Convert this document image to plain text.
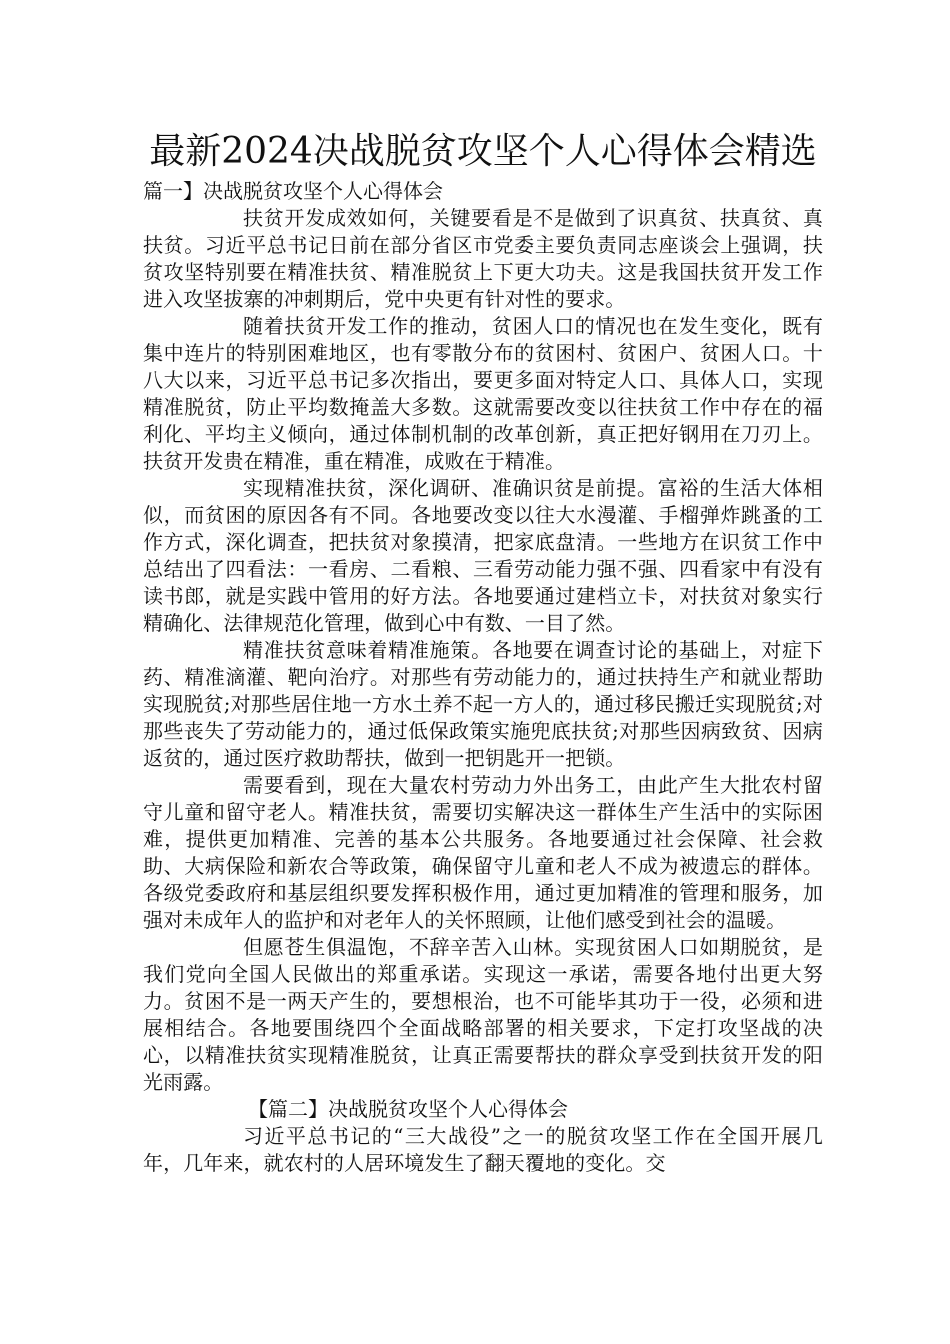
最新2024决战脱贫攻坚个人心得体会精选
篇一】决战脱贫攻坚个人心得体会

扶贫开发成效如何，关键要看是不是做到了识真贫、扶真贫、真扶贫。习近平总书记日前在部分省区市党委主要负责同志座谈会上强调，扶贫攻坚特别要在精准扶贫、精准脱贫上下更大功夫。这是我国扶贫开发工作进入攻坚拔寨的冲刺期后，党中央更有针对性的要求。

随着扶贫开发工作的推动，贫困人口的情况也在发生变化，既有集中连片的特别困难地区，也有零散分布的贫困村、贫困户、贫困人口。十八大以来，习近平总书记多次指出，要更多面对特定人口、具体人口，实现精准脱贫，防止平均数掩盖大多数。这就需要改变以往扶贫工作中存在的福利化、平均主义倾向，通过体制机制的改革创新，真正把好钢用在刀刃上。扶贫开发贵在精准，重在精准，成败在于精准。

实现精准扶贫，深化调研、准确识贫是前提。富裕的生活大体相似，而贫困的原因各有不同。各地要改变以往大水漫灌、手榴弹炸跳蚤的工作方式，深化调查，把扶贫对象摸清，把家底盘清。一些地方在识贫工作中总结出了四看法：一看房、二看粮、三看劳动能力强不强、四看家中有没有读书郎，就是实践中管用的好方法。各地要通过建档立卡，对扶贫对象实行精确化、法律规范化管理，做到心中有数、一目了然。

精准扶贫意味着精准施策。各地要在调查讨论的基础上，对症下药、精准滴灌、靶向治疗。对那些有劳动能力的，通过扶持生产和就业帮助实现脱贫;对那些居住地一方水土养不起一方人的，通过移民搬迁实现脱贫;对那些丧失了劳动能力的，通过低保政策实施兜底扶贫;对那些因病致贫、因病返贫的，通过医疗救助帮扶，做到一把钥匙开一把锁。

需要看到，现在大量农村劳动力外出务工，由此产生大批农村留守儿童和留守老人。精准扶贫，需要切实解决这一群体生产生活中的实际困难，提供更加精准、完善的基本公共服务。各地要通过社会保障、社会救助、大病保险和新农合等政策，确保留守儿童和老人不成为被遗忘的群体。各级党委政府和基层组织要发挥积极作用，通过更加精准的管理和服务，加强对未成年人的监护和对老年人的关怀照顾，让他们感受到社会的温暖。

但愿苍生俱温饱，不辞辛苦入山林。实现贫困人口如期脱贫，是我们党向全国人民做出的郑重承诺。实现这一承诺，需要各地付出更大努力。贫困不是一两天产生的，要想根治，也不可能毕其功于一役，必须和进展相结合。各地要围绕四个全面战略部署的相关要求，下定打攻坚战的决心，以精准扶贫实现精准脱贫，让真正需要帮扶的群众享受到扶贫开发的阳光雨露。

【篇二】决战脱贫攻坚个人心得体会

习近平总书记的“三大战役”之一的脱贫攻坚工作在全国开展几年，几年来，就农村的人居环境发生了翻天覆地的变化。交
